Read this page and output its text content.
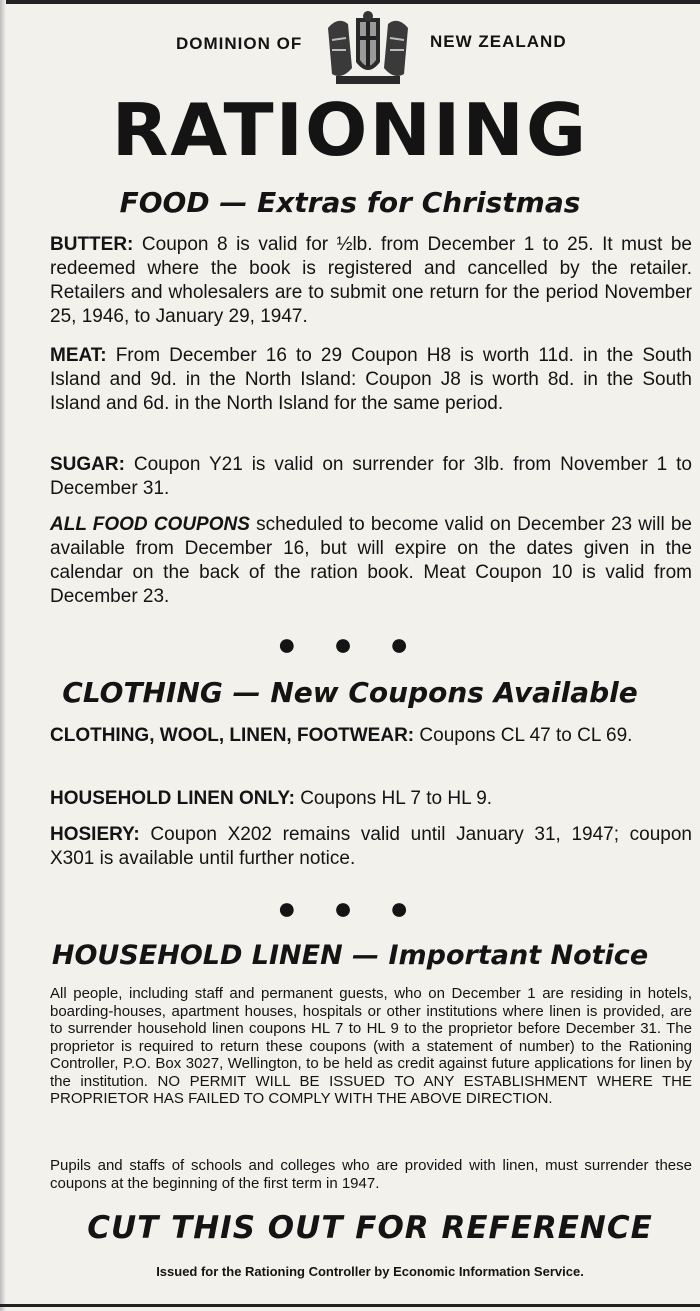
DOMINION OF	NEW ZEALAND
RATIONING
FOOD — Extras for Christmas
BUTTER: Coupon 8 is valid for ½lb. from December 1 to 25. It must be redeemed where the book is registered and cancelled by the retailer. Retailers and wholesalers are to submit one return for the period November 25, 1946, to January 29, 1947.
MEAT: From December 16 to 29 Coupon H8 is worth 11d. in the South Island and 9d. in the North Island: Coupon J8 is worth 8d. in the South Island and 6d. in the North Island for the same period.
SUGAR: Coupon Y21 is valid on surrender for 3lb. from November 1 to December 31.
ALL FOOD COUPONS scheduled to become valid on December 23 will be available from December 16, but will expire on the dates given in the calendar on the back of the ration book. Meat Coupon 10 is valid from December 23.
● ● ●
CLOTHING — New Coupons Available
CLOTHING, WOOL, LINEN, FOOTWEAR: Coupons CL 47 to CL 69.
HOUSEHOLD LINEN ONLY: Coupons HL 7 to HL 9.
HOSIERY: Coupon X202 remains valid until January 31, 1947; coupon X301 is available until further notice.
● ● ●
HOUSEHOLD LINEN — Important Notice
All people, including staff and permanent guests, who on December 1 are residing in hotels, boarding-houses, apartment houses, hospitals or other institutions where linen is provided, are to surrender household linen coupons HL 7 to HL 9 to the proprietor before December 31. The proprietor is required to return these coupons (with a statement of number) to the Rationing Controller, P.O. Box 3027, Wellington, to be held as credit against future applications for linen by the institution. NO PERMIT WILL BE ISSUED TO ANY ESTABLISHMENT WHERE THE PROPRIETOR HAS FAILED TO COMPLY WITH THE ABOVE DIRECTION.
Pupils and staffs of schools and colleges who are provided with linen, must surrender these coupons at the beginning of the first term in 1947.
CUT THIS OUT FOR REFERENCE
Issued for the Rationing Controller by Economic Information Service.
